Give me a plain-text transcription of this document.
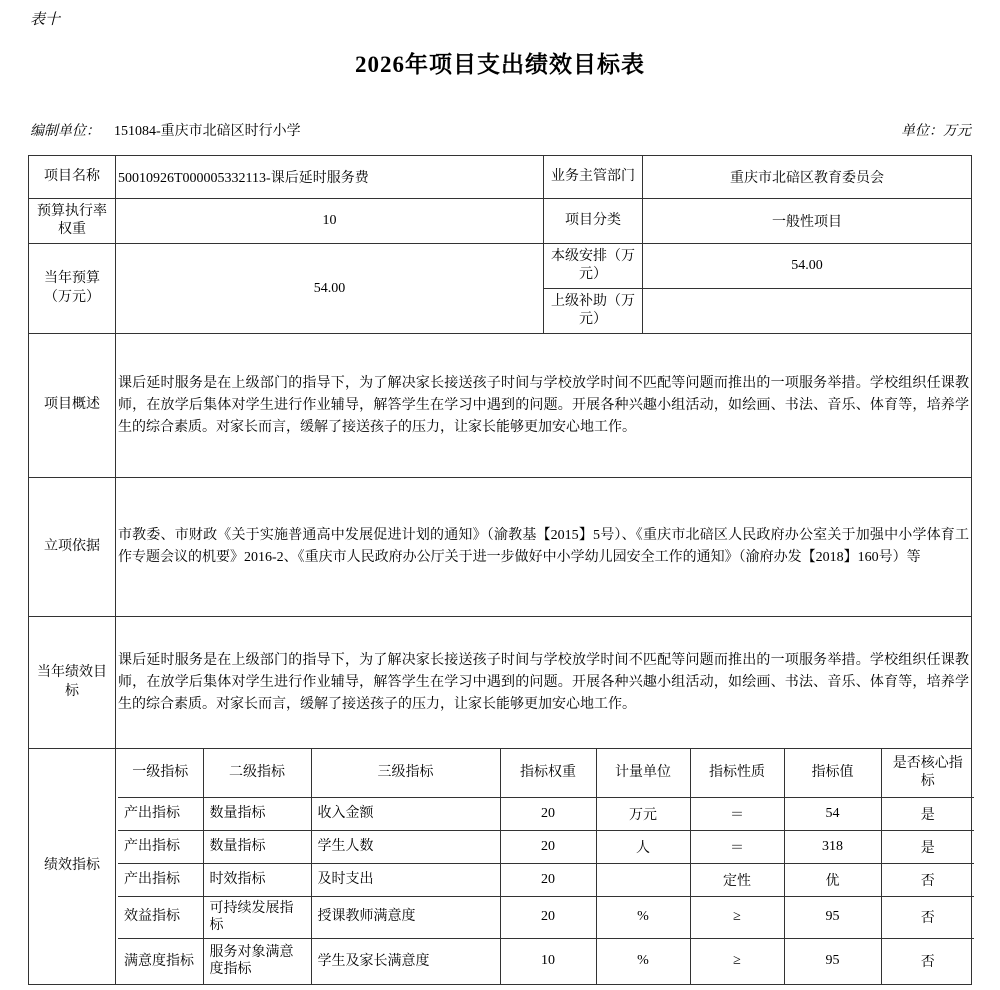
表十
2026年项目支出绩效目标表
编制单位： 151084-重庆市北碚区时行小学	单位：万元
项目名称	50010926T000005332113-课后延时服务费	业务主管部门	重庆市北碚区教育委员会
预算执行率权重	10	项目分类	一般性项目
当年预算（万元）	54.00	本级安排（万元）	54.00
上级补助（万元）	
项目概述	课后延时服务是在上级部门的指导下，为了解决家长接送孩子时间与学校放学时间不匹配等问题而推出的一项服务举措。学校组织任课教师，在放学后集体对学生进行作业辅导，解答学生在学习中遇到的问题。开展各种兴趣小组活动，如绘画、书法、音乐、体育等，培养学生的综合素质。对家长而言，缓解了接送孩子的压力，让家长能够更加安心地工作。
立项依据	市教委、市财政《关于实施普通高中发展促进计划的通知》（渝教基【2015】5号）、《重庆市北碚区人民政府办公室关于加强中小学体育工作专题会议的机要》2016-2、《重庆市人民政府办公厅关于进一步做好中小学幼儿园安全工作的通知》（渝府办发【2018】160号）等
当年绩效目标	课后延时服务是在上级部门的指导下，为了解决家长接送孩子时间与学校放学时间不匹配等问题而推出的一项服务举措。学校组织任课教师，在放学后集体对学生进行作业辅导，解答学生在学习中遇到的问题。开展各种兴趣小组活动，如绘画、书法、音乐、体育等，培养学生的综合素质。对家长而言，缓解了接送孩子的压力，让家长能够更加安心地工作。
绩效指标	
一级指标	二级指标	三级指标	指标权重	计量单位	指标性质	指标值	是否核心指标
产出指标	数量指标	收入金额	20	万元	＝	54	是
产出指标	数量指标	学生人数	20	人	＝	318	是
产出指标	时效指标	及时支出	20		定性	优	否
效益指标	可持续发展指标	授课教师满意度	20	%	≥	95	否
满意度指标	服务对象满意度指标	学生及家长满意度	10	%	≥	95	否
